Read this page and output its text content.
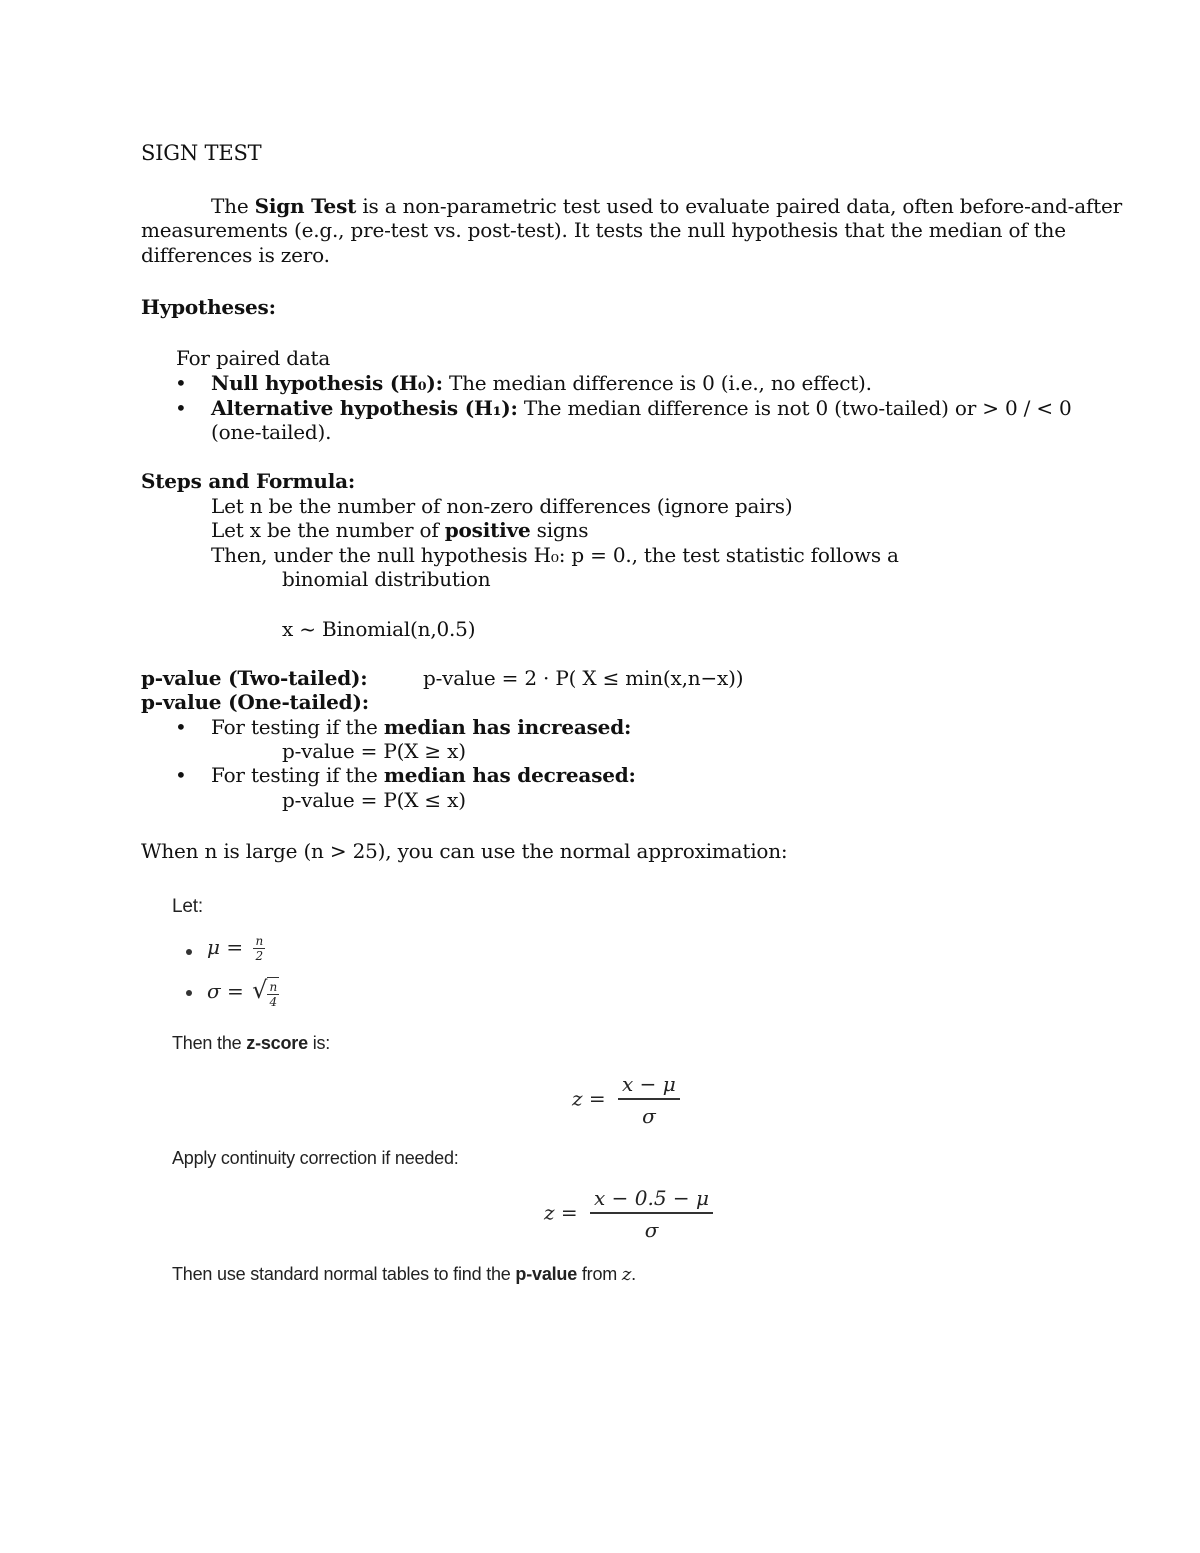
SIGN TEST
The Sign Test is a non-parametric test used to evaluate paired data, often before-and-after
measurements (e.g., pre-test vs. post-test). It tests the null hypothesis that the median of the
differences is zero.
Hypotheses:
For paired data
• Null hypothesis (H₀): The median difference is 0 (i.e., no effect).
• Alternative hypothesis (H₁): The median difference is not 0 (two-tailed) or > 0 / < 0
(one-tailed).
Steps and Formula:
Let n be the number of non-zero differences (ignore pairs)
Let x be the number of positive signs
Then, under the null hypothesis H₀: p = 0., the test statistic follows a
binomial distribution
x ~ Binomial(n,0.5)
p-value (Two-tailed):	p-value = 2 · P( X ≤ min(x,n−x))
p-value (One-tailed):
• For testing if the median has increased:
p-value = P(X ≥ x)
• For testing if the median has decreased:
p-value = P(X ≤ x)
When n is large (n > 25), you can use the normal approximation:
Let:
$\mu = \frac{n}{2}$
σ = √ $\frac{n}{4}$
Then the z-score is:
$z = \frac{x - \mu}{\sigma}$
Apply continuity correction if needed:
$z = \frac{x - 0.5 - \mu}{\sigma}$
Then use standard normal tables to find the p-value from z.
